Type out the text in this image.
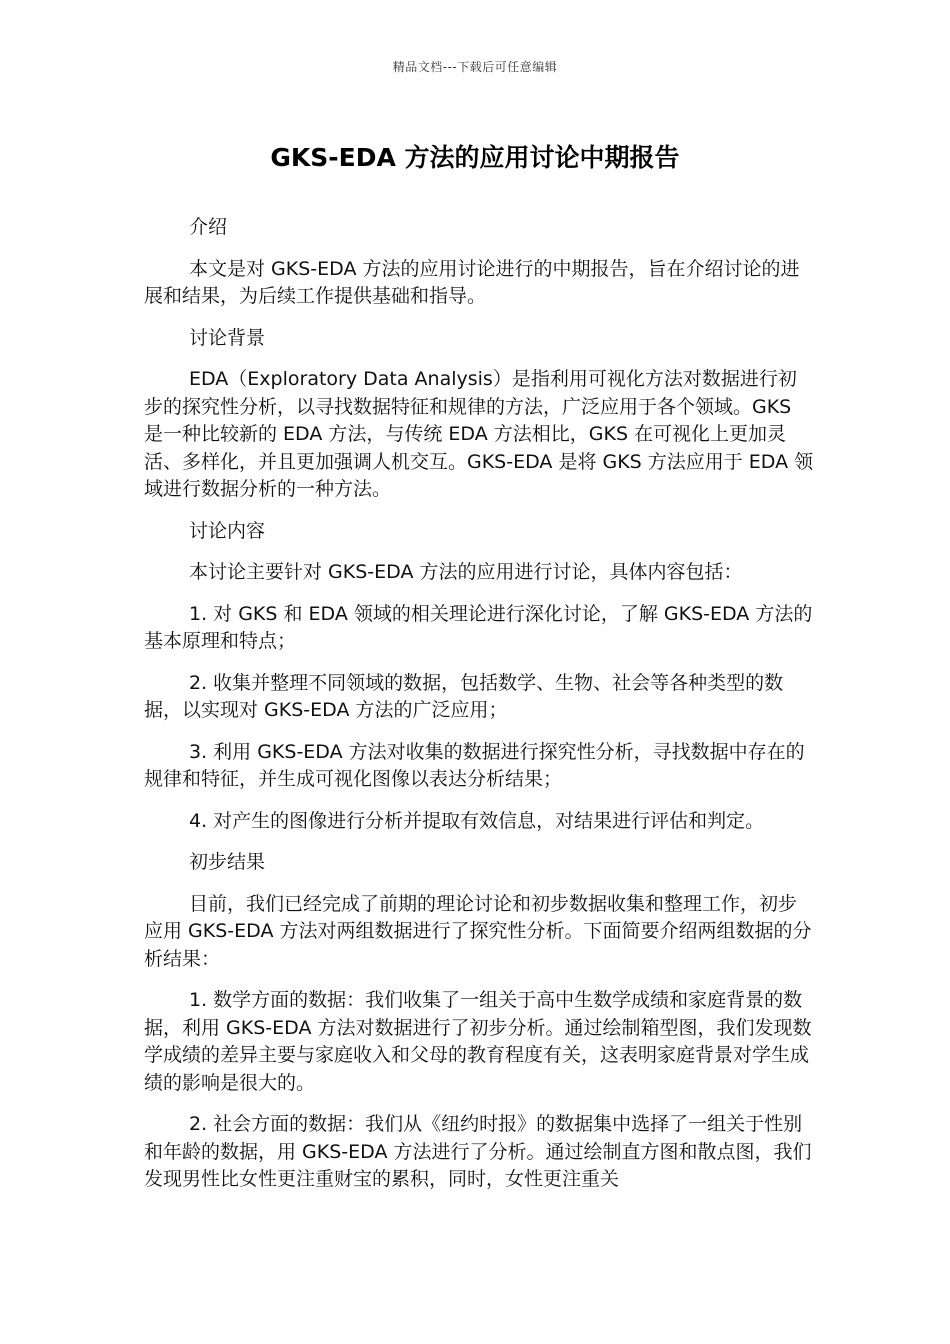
精品文档---下载后可任意编辑
GKS-EDA 方法的应用讨论中期报告

介绍

本文是对 GKS-EDA 方法的应用讨论进行的中期报告，旨在介绍讨论的进展和结果，为后续工作提供基础和指导。

讨论背景

EDA（Exploratory Data Analysis）是指利用可视化方法对数据进行初步的探究性分析，以寻找数据特征和规律的方法，广泛应用于各个领域。GKS 是一种比较新的 EDA 方法，与传统 EDA 方法相比，GKS 在可视化上更加灵活、多样化，并且更加强调人机交互。GKS-EDA 是将 GKS 方法应用于 EDA 领域进行数据分析的一种方法。

讨论内容

本讨论主要针对 GKS-EDA 方法的应用进行讨论，具体内容包括：

1. 对 GKS 和 EDA 领域的相关理论进行深化讨论，了解 GKS-EDA 方法的基本原理和特点；

2. 收集并整理不同领域的数据，包括数学、生物、社会等各种类型的数据，以实现对 GKS-EDA 方法的广泛应用；

3. 利用 GKS-EDA 方法对收集的数据进行探究性分析，寻找数据中存在的规律和特征，并生成可视化图像以表达分析结果；

4. 对产生的图像进行分析并提取有效信息，对结果进行评估和判定。

初步结果

目前，我们已经完成了前期的理论讨论和初步数据收集和整理工作，初步应用 GKS-EDA 方法对两组数据进行了探究性分析。下面简要介绍两组数据的分析结果：

1. 数学方面的数据：我们收集了一组关于高中生数学成绩和家庭背景的数据，利用 GKS-EDA 方法对数据进行了初步分析。通过绘制箱型图，我们发现数学成绩的差异主要与家庭收入和父母的教育程度有关，这表明家庭背景对学生成绩的影响是很大的。

2. 社会方面的数据：我们从《纽约时报》的数据集中选择了一组关于性别和年龄的数据，用 GKS-EDA 方法进行了分析。通过绘制直方图和散点图，我们发现男性比女性更注重财宝的累积，同时，女性更注重关
